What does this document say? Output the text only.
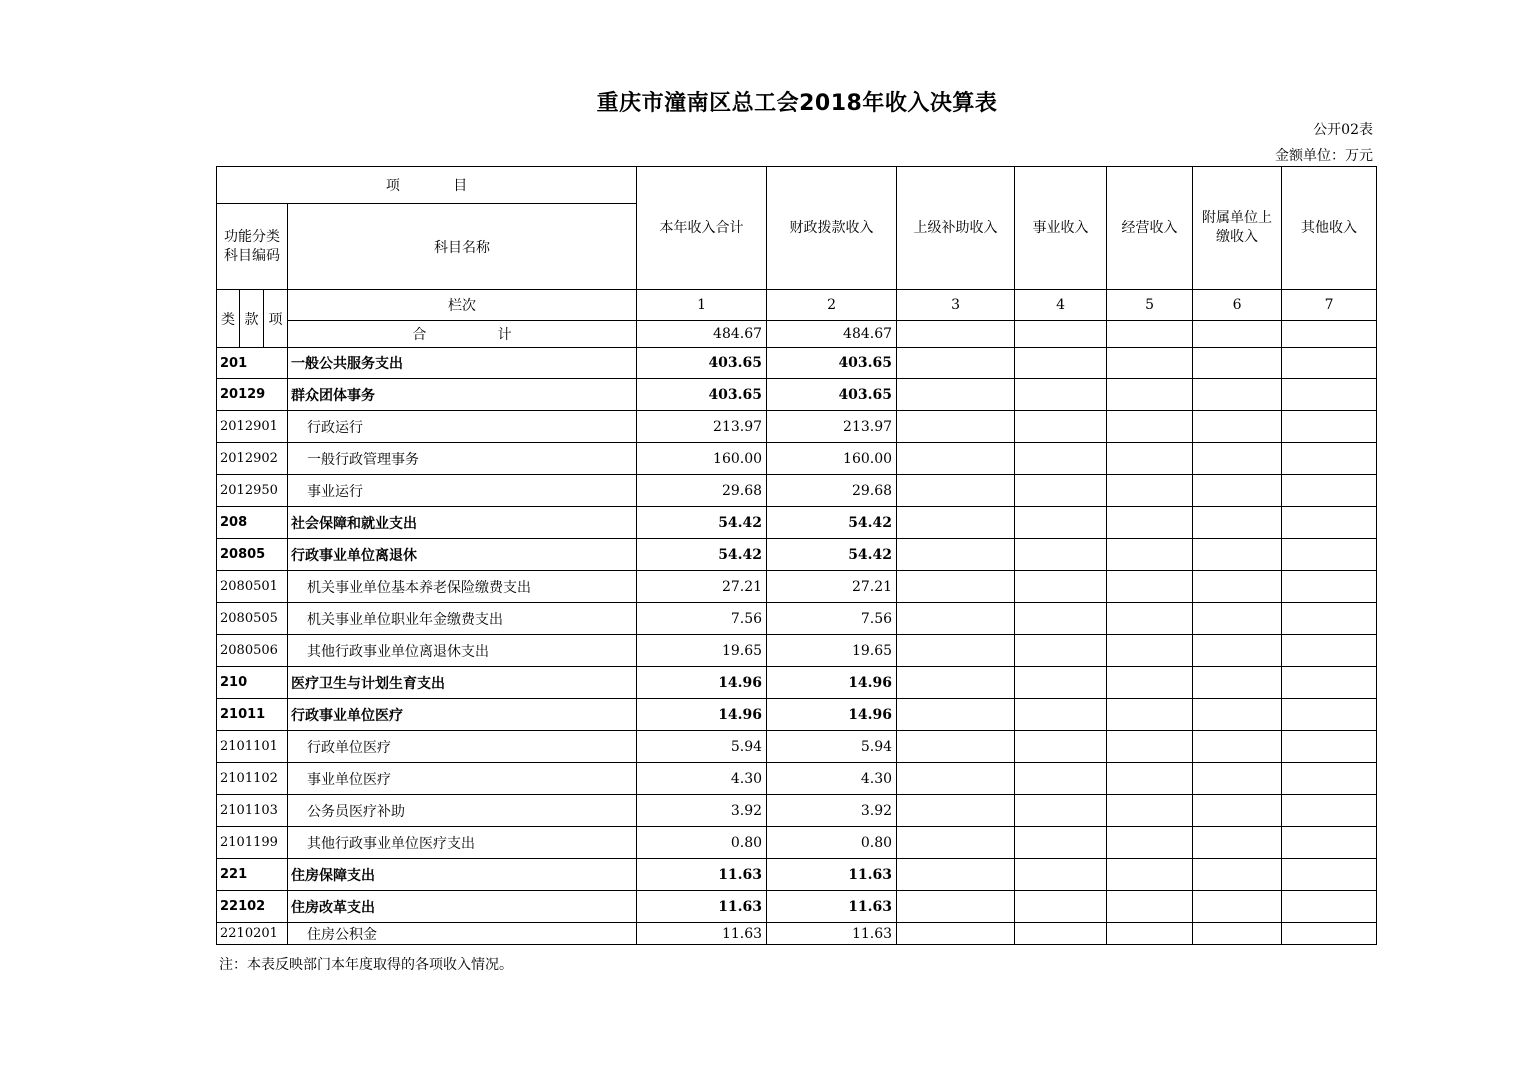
重庆市潼南区总工会2018年收入决算表
公开02表
金额单位：万元
项            目				本年收入合计	财政拨款收入	上级补助收入	事业收入	经营收入	附属单位上缴收入	其他收入
功能分类科目编码			科目名称							
类	款	项	栏次	1	2	3	4	5	6	7
			合                计	484.67	484.67					
201			一般公共服务支出	403.65	403.65					
20129			群众团体事务	403.65	403.65					
2012901			行政运行	213.97	213.97					
2012902			一般行政管理事务	160.00	160.00					
2012950			事业运行	29.68	29.68					
208			社会保障和就业支出	54.42	54.42					
20805			行政事业单位离退休	54.42	54.42					
2080501			机关事业单位基本养老保险缴费支出	27.21	27.21					
2080505			机关事业单位职业年金缴费支出	7.56	7.56					
2080506			其他行政事业单位离退休支出	19.65	19.65					
210			医疗卫生与计划生育支出	14.96	14.96					
21011			行政事业单位医疗	14.96	14.96					
2101101			行政单位医疗	5.94	5.94					
2101102			事业单位医疗	4.30	4.30					
2101103			公务员医疗补助	3.92	3.92					
2101199			其他行政事业单位医疗支出	0.80	0.80					
221			住房保障支出	11.63	11.63					
22102			住房改革支出	11.63	11.63					
2210201			住房公积金	11.63	11.63					
注：本表反映部门本年度取得的各项收入情况。
